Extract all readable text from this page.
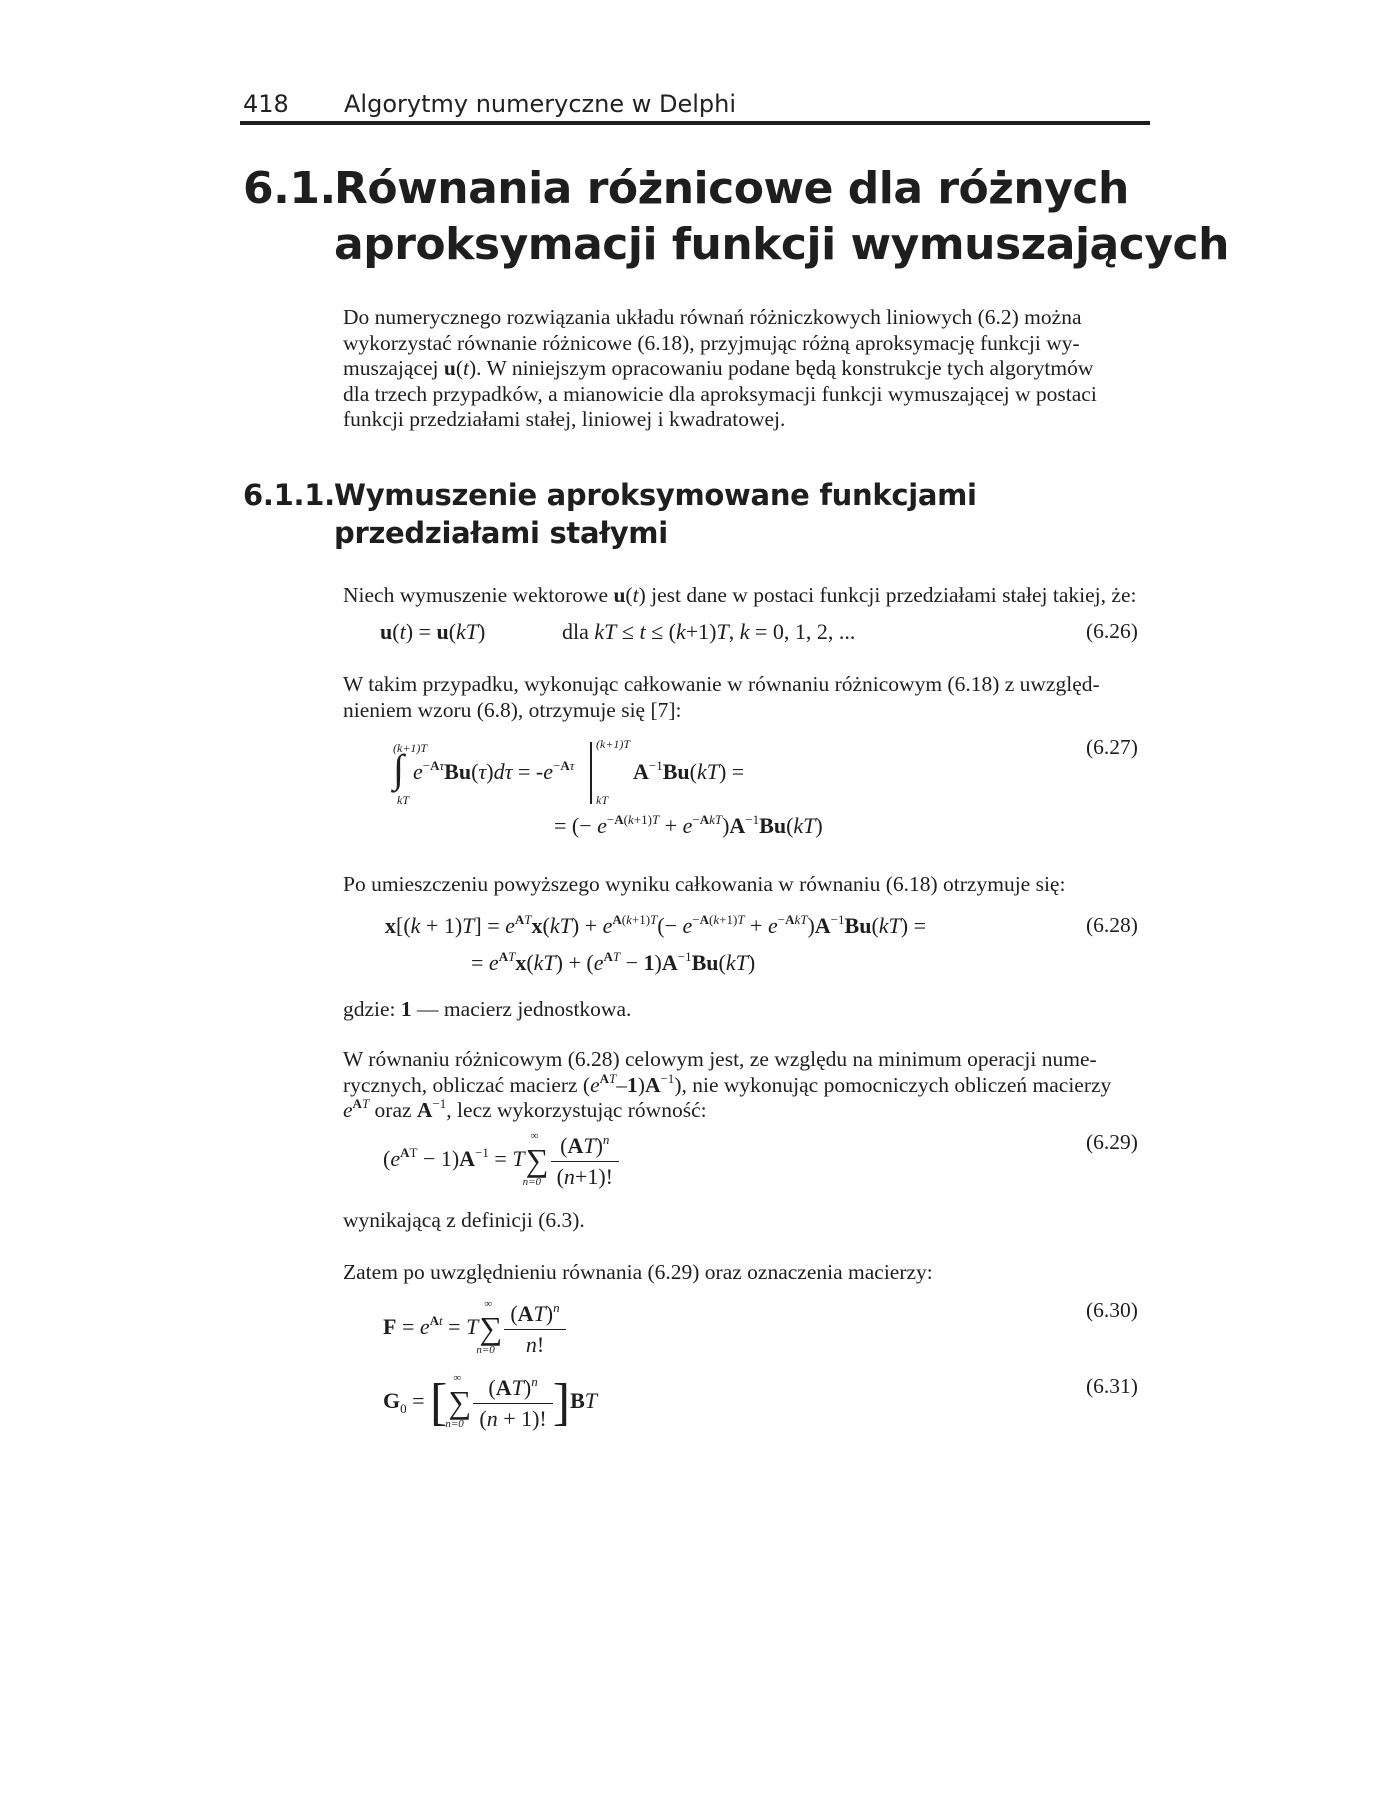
418 Algorytmy numeryczne w Delphi
6.1.
Równania różnicowe dla różnych
aproksymacji funkcji wymuszających
Do numerycznego rozwiązania układu równań różniczkowych liniowych (6.2) można
wykorzystać równanie różnicowe (6.18), przyjmując różną aproksymację funkcji wy-
muszającej u(t). W niniejszym opracowaniu podane będą konstrukcje tych algorytmów
dla trzech przypadków, a mianowicie dla aproksymacji funkcji wymuszającej w postaci
funkcji przedziałami stałej, liniowej i kwadratowej.
6.1.1. Wymuszenie aproksymowane funkcjami
przedziałami stałymi
Niech wymuszenie wektorowe u(t) jest dane w postaci funkcji przedziałami stałej takiej, że:
u(t) = u(kT)	dla kT ≤ t ≤ (k+1)T, k = 0, 1, 2, ...	(6.26)
W takim przypadku, wykonując całkowanie w równaniu różnicowym (6.18) z uwzględ-
nieniem wzoru (6.8), otrzymuje się [7]:
(6.27)
(k+1)T
∫
kT
$e^{-A\tau}Bu(\tau)d\tau = -e^{-A\tau}$
(k+1)T
kT
$A^{-1}Bu(kT)$ =
= (− $e^{-A(k+1)T} + e^{-AkT})A^{-1}Bu(kT)$
Po umieszczeniu powyższego wyniku całkowania w równaniu (6.18) otrzymuje się:
(6.28)
$x[(k + 1)T] = e^{AT}x(kT) + e^{A(k+1)T}(- e^{-A(k+1)T} + e^{-AkT})A^{-1}Bu(kT)$ =
= $e^{AT}x(kT) + (e^{AT} - 1)A^{-1}Bu(kT)$
gdzie: 1 — macierz jednostkowa.
W równaniu różnicowym (6.28) celowym jest, ze względu na minimum operacji nume-
rycznych, obliczać macierz $(e^{AT}-1)A^{-1}$), nie wykonując pomocniczych obliczeń macierzy
$e^{AT}$ oraz $A^{-1}$, lecz wykorzystując równość:
(6.29)
$(e^{AT} - 1)A^{-1} = T$
∞
∑
$n=0 \frac{(AT)^n}{(n+1)!}$
wynikającą z definicji (6.3).
Zatem po uwzględnieniu równania (6.29) oraz oznaczenia macierzy:
(6.30)
$F = e^{At} = T$
∞
∑
$n=0 \frac{(AT)^n}{n!}$
(6.31)
$G_0$ = [ ∞
∑
$n=0 \frac{(AT)^n}{(n + 1)!} ]BT$
